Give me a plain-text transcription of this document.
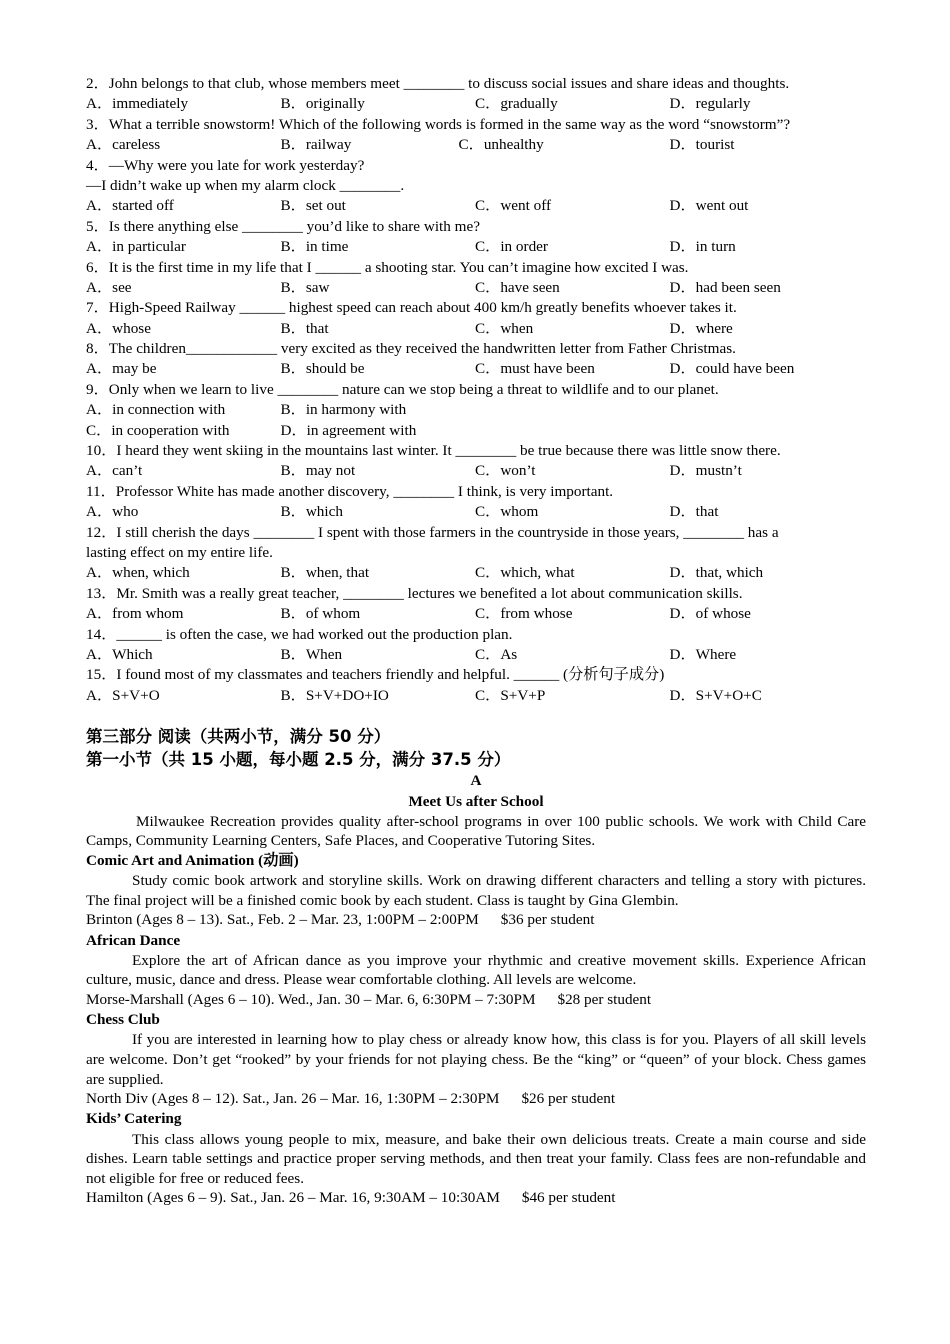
2．John belongs to that club, whose members meet ________ to discuss social issues and share ideas and thoughts.
A．immediately	B．originally	C．gradually	D．regularly
3．What a terrible snowstorm! Which of the following words is formed in the same way as the word “snowstorm”?
A．careless	B．railway	C．unhealthy	D．tourist
4．—Why were you late for work yesterday?
—I didn’t wake up when my alarm clock ________.
A．started off	B．set out	C．went off	D．went out
5．Is there anything else ________ you’d like to share with me?
A．in particular	B．in time	C．in order	D．in turn
6．It is the first time in my life that I ______ a shooting star. You can’t imagine how excited I was.
A．see	B．saw	C．have seen	D．had been seen
7．High-Speed Railway ______ highest speed can reach about 400 km/h greatly benefits whoever takes it.
A．whose	B．that	C．when	D．where
8．The children____________ very excited as they received the handwritten letter from Father Christmas.
A．may be	B．should be	C．must have been	D．could have been
9．Only when we learn to live ________ nature can we stop being a threat to wildlife and to our planet.
A．in connection with	B．in harmony with
C．in cooperation with	D．in agreement with
10．I heard they went skiing in the mountains last winter. It ________ be true because there was little snow there.
A．can’t	B．may not	C．won’t	D．mustn’t
11．Professor White has made another discovery, ________ I think, is very important.
A．who	B．which	C．whom	D．that
12．I still cherish the days ________ I spent with those farmers in the countryside in those years, ________ has a
lasting effect on my entire life.
A．when, which	B．when, that	C．which, what	D．that, which
13．Mr. Smith was a really great teacher, ________ lectures we benefited a lot about communication skills.
A．from whom	B．of whom	C．from whose	D．of whose
14．______ is often the case, we had worked out the production plan.
A．Which	B．When	C．As	D．Where
15．I found most of my classmates and teachers friendly and helpful. ______ (分析句子成分)
A．S+V+O	B．S+V+DO+IO	C．S+V+P	D．S+V+O+C
第三部分 阅读（共两小节，满分 50 分）
第一小节（共 15 小题，每小题 2.5 分，满分 37.5 分）
A
Meet Us after School
Milwaukee Recreation provides quality after-school programs in over 100 public schools. We work with Child Care Camps, Community Learning Centers, Safe Places, and Cooperative Tutoring Sites.
Comic Art and Animation (动画)
Study comic book artwork and storyline skills. Work on drawing different characters and telling a story with pictures. The final project will be a finished comic book by each student. Class is taught by Gina Glembin.
Brinton (Ages 8 – 13). Sat., Feb. 2 – Mar. 23, 1:00PM – 2:00PM $36 per student
African Dance
Explore the art of African dance as you improve your rhythmic and creative movement skills. Experience African culture, music, dance and dress. Please wear comfortable clothing. All levels are welcome.
Morse-Marshall (Ages 6 – 10). Wed., Jan. 30 – Mar. 6, 6:30PM – 7:30PM $28 per student
Chess Club
If you are interested in learning how to play chess or already know how, this class is for you. Players of all skill levels are welcome. Don’t get “rooked” by your friends for not playing chess. Be the “king” or “queen” of your block. Chess games are supplied.
North Div (Ages 8 – 12). Sat., Jan. 26 – Mar. 16, 1:30PM – 2:30PM $26 per student
Kids’ Catering
This class allows young people to mix, measure, and bake their own delicious treats. Create a main course and side dishes. Learn table settings and practice proper serving methods, and then treat your family. Class fees are non-refundable and not eligible for free or reduced fees.
Hamilton (Ages 6 – 9). Sat., Jan. 26 – Mar. 16, 9:30AM – 10:30AM $46 per student
